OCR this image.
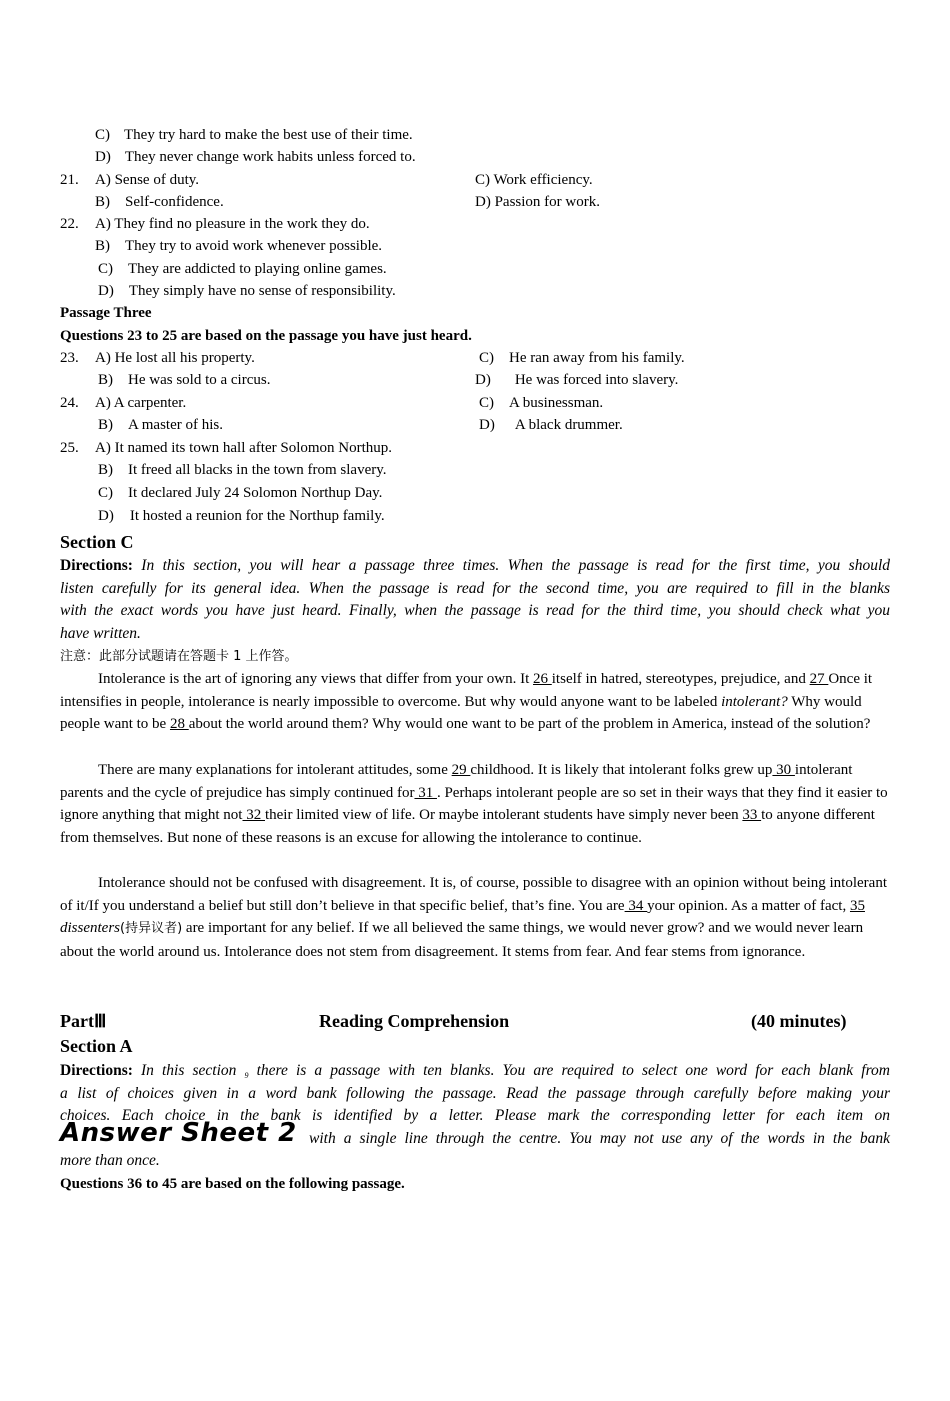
C) They try hard to make the best use of their time.
D) They never change work habits unless forced to.
21. A) Sense of duty.	C) Work efficiency.
B) Self-confidence.	D) Passion for work.
22. A) They find no pleasure in the work they do.
B) They try to avoid work whenever possible.
C) They are addicted to playing online games.
D) They simply have no sense of responsibility.
Passage Three
Questions 23 to 25 are based on the passage you have just heard.
23. A) He lost all his property.	C) He ran away from his family.
B) He was sold to a circus.	D) He was forced into slavery.
24. A) A carpenter.	C) A businessman.
B) A master of his.	D) A black drummer.
25. A) It named its town hall after Solomon Northup.
B) It freed all blacks in the town from slavery.
C) It declared July 24 Solomon Northup Day.
D) It hosted a reunion for the Northup family.
Section C
Directions: In this section, you will hear a passage three times. When the passage is read for the first time, you should
listen carefully for its general idea. When the passage is read for the second time, you are required to fill in the blanks
with the exact words you have just heard. Finally, when the passage is read for the third time, you should check what you
have written.
注意：此部分试题请在答题卡 1 上作答。
Intolerance is the art of ignoring any views that differ from your own. It 26 itself in hatred, stereotypes, prejudice, and 27 Once it intensifies in people, intolerance is nearly impossible to overcome. But why would anyone want to be labeled intolerant? Why would people want to be 28 about the world around them? Why would one want to be part of the problem in America, instead of the solution?
There are many explanations for intolerant attitudes, some 29 childhood. It is likely that intolerant folks grew up 30 intolerant parents and the cycle of prejudice has simply continued for 31 . Perhaps intolerant people are so set in their ways that they find it easier to ignore anything that might not 32 their limited view of life. Or maybe intolerant students have simply never been 33 to anyone different from themselves. But none of these reasons is an excuse for allowing the intolerance to continue.
Intolerance should not be confused with disagreement. It is, of course, possible to disagree with an opinion without being intolerant of it/If you understand a belief but still don’t believe in that specific belief, that’s fine. You are 34 your opinion. As a matter of fact, 35 dissenters(持异议者) are important for any belief. If we all believed the same things, we would never grow? and we would never learn about the world around us. Intolerance does not stem from disagreement. It stems from fear. And fear stems from ignorance.
PartⅢ	Reading Comprehension	(40 minutes)
Section A
Directions: In this section 9 there is a passage with ten blanks. You are required to select one word for each blank from
a list of choices given in a word bank following the passage. Read the passage through carefully before making your
choices. Each choice in the bank is identified by a letter. Please mark the corresponding letter for each item on
Answer Sheet 2 with a single line through the centre. You may not use any of the words in the bank
more than once.
Questions 36 to 45 are based on the following passage.
